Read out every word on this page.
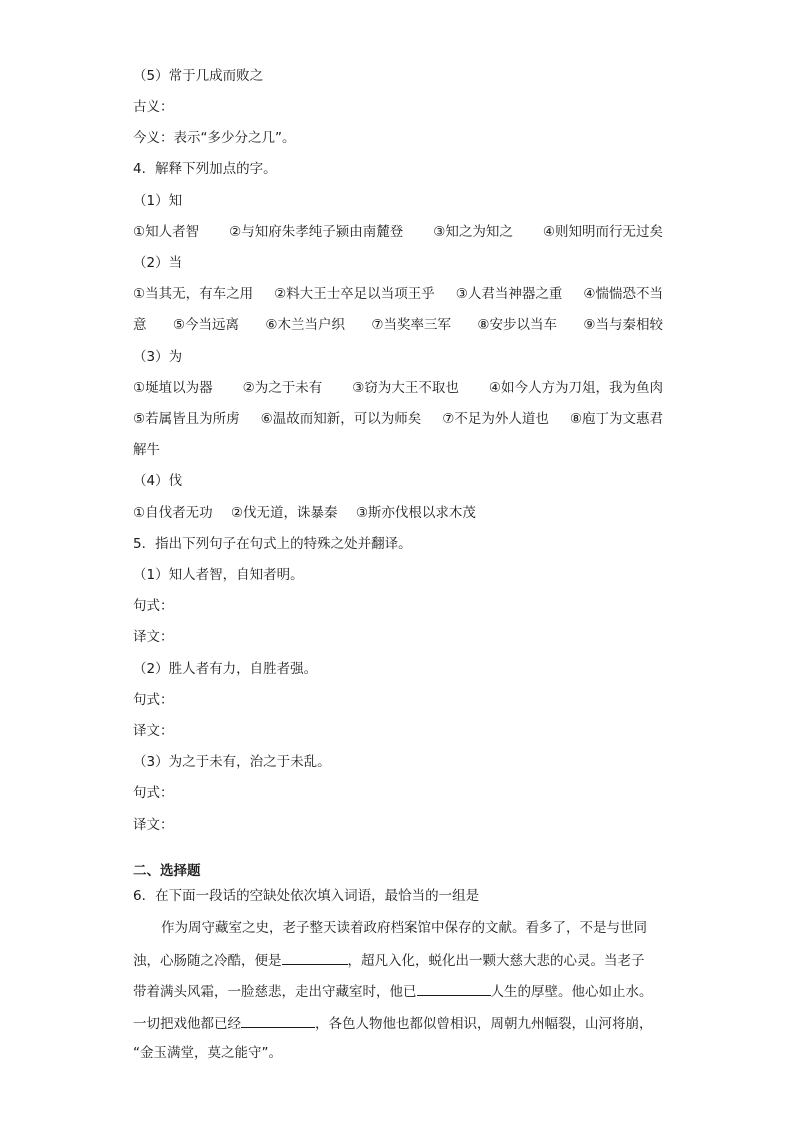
（5）常于几成而败之
古义：
今义：表示“多少分之几”。
4．解释下列加点的字。
（1）知
①知人者智 ②与知府朱孝纯子颍由南麓登 ③知之为知之 ④则知明而行无过矣
（2）当
①当其无，有车之用 ②料大王士卒足以当项王乎 ③人君当神器之重 ④惴惴恐不当
意 ⑤今当远离 ⑥木兰当户织 ⑦当奖率三军 ⑧安步以当车 ⑨当与秦相较
（3）为
①埏埴以为器 ②为之于未有 ③窃为大王不取也 ④如今人方为刀俎，我为鱼肉
⑤若属皆且为所虏 ⑥温故而知新，可以为师矣 ⑦不足为外人道也 ⑧庖丁为文惠君
解牛
（4）伐
①自伐者无功 ②伐无道，诛暴秦 ③斯亦伐根以求木茂
5．指出下列句子在句式上的特殊之处并翻译。
（1）知人者智，自知者明。
句式：
译文：
（2）胜人者有力，自胜者强。
句式：
译文：
（3）为之于未有，治之于未乱。
句式：
译文：
二、选择题
6．在下面一段话的空缺处依次填入词语，最恰当的一组是
作为周守藏室之史，老子整天读着政府档案馆中保存的文献。看多了，不是与世同
浊，心肠随之冷酷，便是	，超凡入化，蜕化出一颗大慈大悲的心灵。当老子
带着满头风霜，一脸慈悲，走出守藏室时，他已	人生的厚壁。他心如止水。
一切把戏他都已经	，各色人物他也都似曾相识，周朝九州幅裂，山河将崩，
“金玉满堂，莫之能守”。
